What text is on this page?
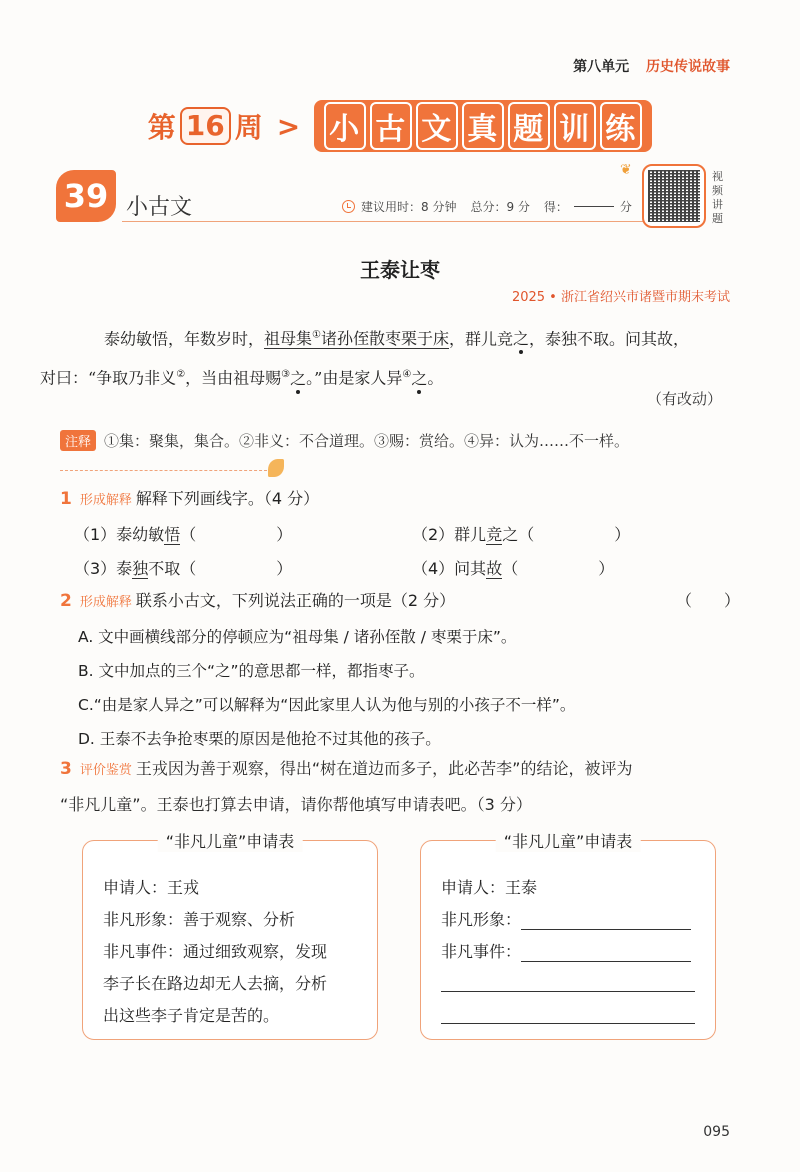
第八单元 历史传说故事
第 16 周 > 小 古 文 真 题 训 练
39 小古文	建议用时：8 分钟 总分：9 分 得：	分
❦	视
频
讲
题
王泰让枣
2025 • 浙江省绍兴市诸暨市期末考试
泰幼敏悟，年数岁时，祖母集①诸孙侄散枣栗于床，群儿竞之，泰独不取。问其故，
对曰：“争取乃非义②，当由祖母赐③之。”由是家人异④之。
（有改动）
注释 ①集：聚集，集合。②非义：不合道理。③赐：赏给。④异：认为……不一样。
1 形成解释 解释下列画线字。（4 分）
（1）泰幼敏悟（　　　　　）	（2）群儿竞之（　　　　　）
（3）泰独不取（　　　　　）	（4）问其故（　　　　　）
2 形成解释 联系小古文，下列说法正确的一项是（2 分）	（　　）
A. 文中画横线部分的停顿应为“祖母集 / 诸孙侄散 / 枣栗于床”。
B. 文中加点的三个“之”的意思都一样，都指枣子。
C.“由是家人异之”可以解释为“因此家里人认为他与别的小孩子不一样”。
D. 王泰不去争抢枣栗的原因是他抢不过其他的孩子。
3 评价鉴赏 王戎因为善于观察，得出“树在道边而多子，此必苦李”的结论，被评为
“非凡儿童”。王泰也打算去申请，请你帮他填写申请表吧。（3 分）
“非凡儿童”申请表
申请人：王戎
非凡形象：善于观察、分析
非凡事件：通过细致观察，发现
李子长在路边却无人去摘，分析
出这些李子肯定是苦的。
“非凡儿童”申请表
申请人：王泰
非凡形象：
非凡事件：
095
